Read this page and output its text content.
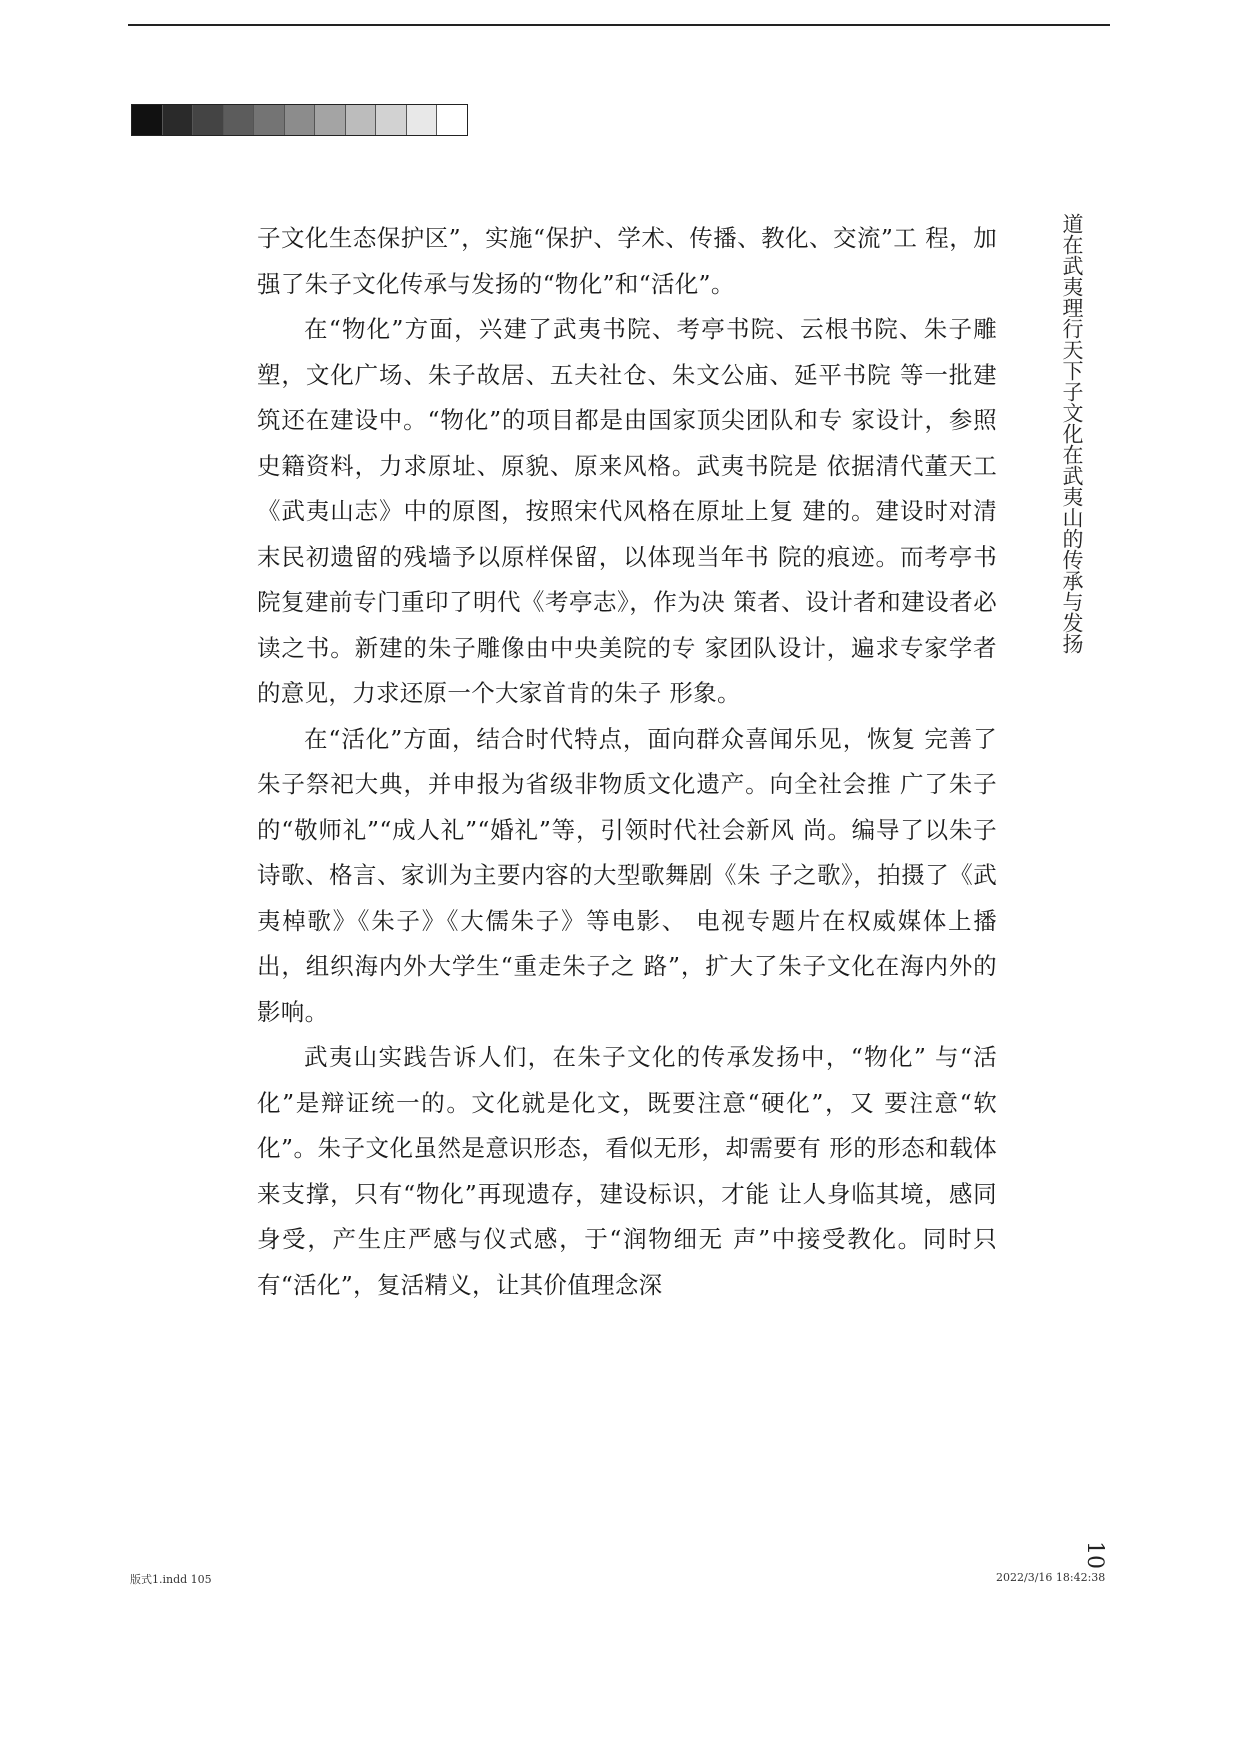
子文化生态保护区”，实施“保护、学术、传播、教化、交流”工 程，加强了朱子文化传承与发扬的“物化”和“活化”。

在“物化”方面，兴建了武夷书院、考亭书院、云根书院、朱子雕塑，文化广场、朱子故居、五夫社仓、朱文公庙、延平书院 等一批建筑还在建设中。“物化”的项目都是由国家顶尖团队和专 家设计，参照史籍资料，力求原址、原貌、原来风格。武夷书院是 依据清代董天工《武夷山志》中的原图，按照宋代风格在原址上复 建的。建设时对清末民初遗留的残墙予以原样保留，以体现当年书 院的痕迹。而考亭书院复建前专门重印了明代《考亭志》，作为决 策者、设计者和建设者必读之书。新建的朱子雕像由中央美院的专 家团队设计，遍求专家学者的意见，力求还原一个大家首肯的朱子 形象。

在“活化”方面，结合时代特点，面向群众喜闻乐见，恢复 完善了朱子祭祀大典，并申报为省级非物质文化遗产。向全社会推 广了朱子的“敬师礼”“成人礼”“婚礼”等，引领时代社会新风 尚。编导了以朱子诗歌、格言、家训为主要内容的大型歌舞剧《朱 子之歌》，拍摄了《武夷棹歌》《朱子》《大儒朱子》等电影、 电视专题片在权威媒体上播出，组织海内外大学生“重走朱子之 路”，扩大了朱子文化在海内外的影响。

武夷山实践告诉人们，在朱子文化的传承发扬中，“物化” 与“活化”是辩证统一的。文化就是化文，既要注意“硬化”，又 要注意“软化”。朱子文化虽然是意识形态，看似无形，却需要有 形的形态和载体来支撑，只有“物化”再现遗存，建设标识，才能 让人身临其境，感同身受，产生庄严感与仪式感，于“润物细无 声”中接受教化。同时只有“活化”，复活精义，让其价值理念深

道在武夷理行天下子文化在武夷山的传承与发扬
10
版式1.indd 105	2022/3/16 18:42:38
